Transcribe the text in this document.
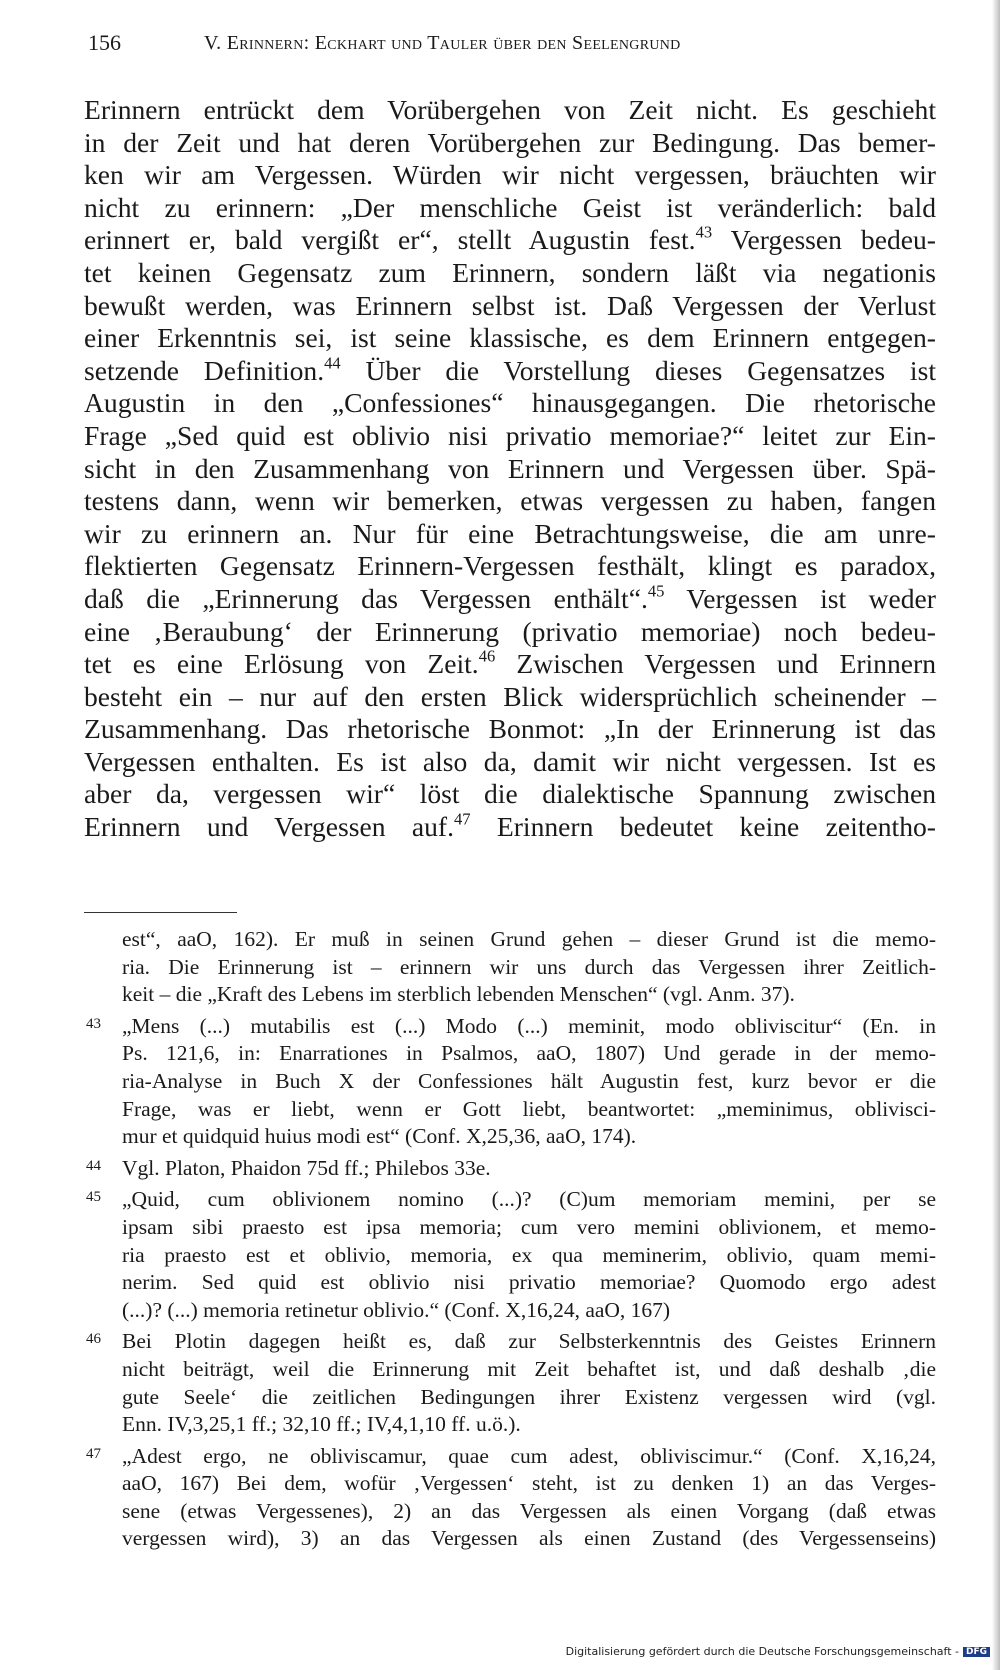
156	V. Erinnern: Eckhart und Tauler über den Seelengrund
Erinnern entrückt dem Vorübergehen von Zeit nicht. Es geschieht
in der Zeit und hat deren Vorübergehen zur Bedingung. Das bemer-
ken wir am Vergessen. Würden wir nicht vergessen, bräuchten wir
nicht zu erinnern: „Der menschliche Geist ist veränderlich: bald
erinnert er, bald vergißt er“, stellt Augustin fest.$^{43}$ Vergessen bedeu-
tet keinen Gegensatz zum Erinnern, sondern läßt via negationis
bewußt werden, was Erinnern selbst ist. Daß Vergessen der Verlust
einer Erkenntnis sei, ist seine klassische, es dem Erinnern entgegen-
setzende Definition.$^{44}$ Über die Vorstellung dieses Gegensatzes ist
Augustin in den „Confessiones“ hinausgegangen. Die rhetorische
Frage „Sed quid est oblivio nisi privatio memoriae?“ leitet zur Ein-
sicht in den Zusammenhang von Erinnern und Vergessen über. Spä-
testens dann, wenn wir bemerken, etwas vergessen zu haben, fangen
wir zu erinnern an. Nur für eine Betrachtungsweise, die am unre-
flektierten Gegensatz Erinnern-Vergessen festhält, klingt es paradox,
daß die „Erinnerung das Vergessen enthält“.$^{45}$ Vergessen ist weder
eine ‚Beraubung‘ der Erinnerung (privatio memoriae) noch bedeu-
tet es eine Erlösung von Zeit.$^{46}$ Zwischen Vergessen und Erinnern
besteht ein – nur auf den ersten Blick widersprüchlich scheinender –
Zusammenhang. Das rhetorische Bonmot: „In der Erinnerung ist das
Vergessen enthalten. Es ist also da, damit wir nicht vergessen. Ist es
aber da, vergessen wir“ löst die dialektische Spannung zwischen
Erinnern und Vergessen auf.$^{47}$ Erinnern bedeutet keine zeitentho-
est“, aaO, 162). Er muß in seinen Grund gehen – dieser Grund ist die memo-
ria. Die Erinnerung ist – erinnern wir uns durch das Vergessen ihrer Zeitlich-
keit – die „Kraft des Lebens im sterblich lebenden Menschen“ (vgl. Anm. 37).
43 „Mens (...) mutabilis est (...) Modo (...) meminit, modo obliviscitur“ (En. in
Ps. 121,6, in: Enarrationes in Psalmos, aaO, 1807) Und gerade in der memo-
ria-Analyse in Buch X der Confessiones hält Augustin fest, kurz bevor er die
Frage, was er liebt, wenn er Gott liebt, beantwortet: „meminimus, oblivisci-
mur et quidquid huius modi est“ (Conf. X,25,36, aaO, 174).
44 Vgl. Platon, Phaidon 75d ff.; Philebos 33e.
45 „Quid, cum oblivionem nomino (...)? (C)um memoriam memini, per se
ipsam sibi praesto est ipsa memoria; cum vero memini oblivionem, et memo-
ria praesto est et oblivio, memoria, ex qua meminerim, oblivio, quam memi-
nerim. Sed quid est oblivio nisi privatio memoriae? Quomodo ergo adest
(...)? (...) memoria retinetur oblivio.“ (Conf. X,16,24, aaO, 167)
46 Bei Plotin dagegen heißt es, daß zur Selbsterkenntnis des Geistes Erinnern
nicht beiträgt, weil die Erinnerung mit Zeit behaftet ist, und daß deshalb ‚die
gute Seele‘ die zeitlichen Bedingungen ihrer Existenz vergessen wird (vgl.
Enn. IV,3,25,1 ff.; 32,10 ff.; IV,4,1,10 ff. u.ö.).
47 „Adest ergo, ne obliviscamur, quae cum adest, obliviscimur.“ (Conf. X,16,24,
aaO, 167) Bei dem, wofür ‚Vergessen‘ steht, ist zu denken 1) an das Verges-
sene (etwas Vergessenes), 2) an das Vergessen als einen Vorgang (daß etwas
vergessen wird), 3) an das Vergessen als einen Zustand (des Vergessenseins)
Digitalisierung gefördert durch die Deutsche Forschungsgemeinschaft - DFG
